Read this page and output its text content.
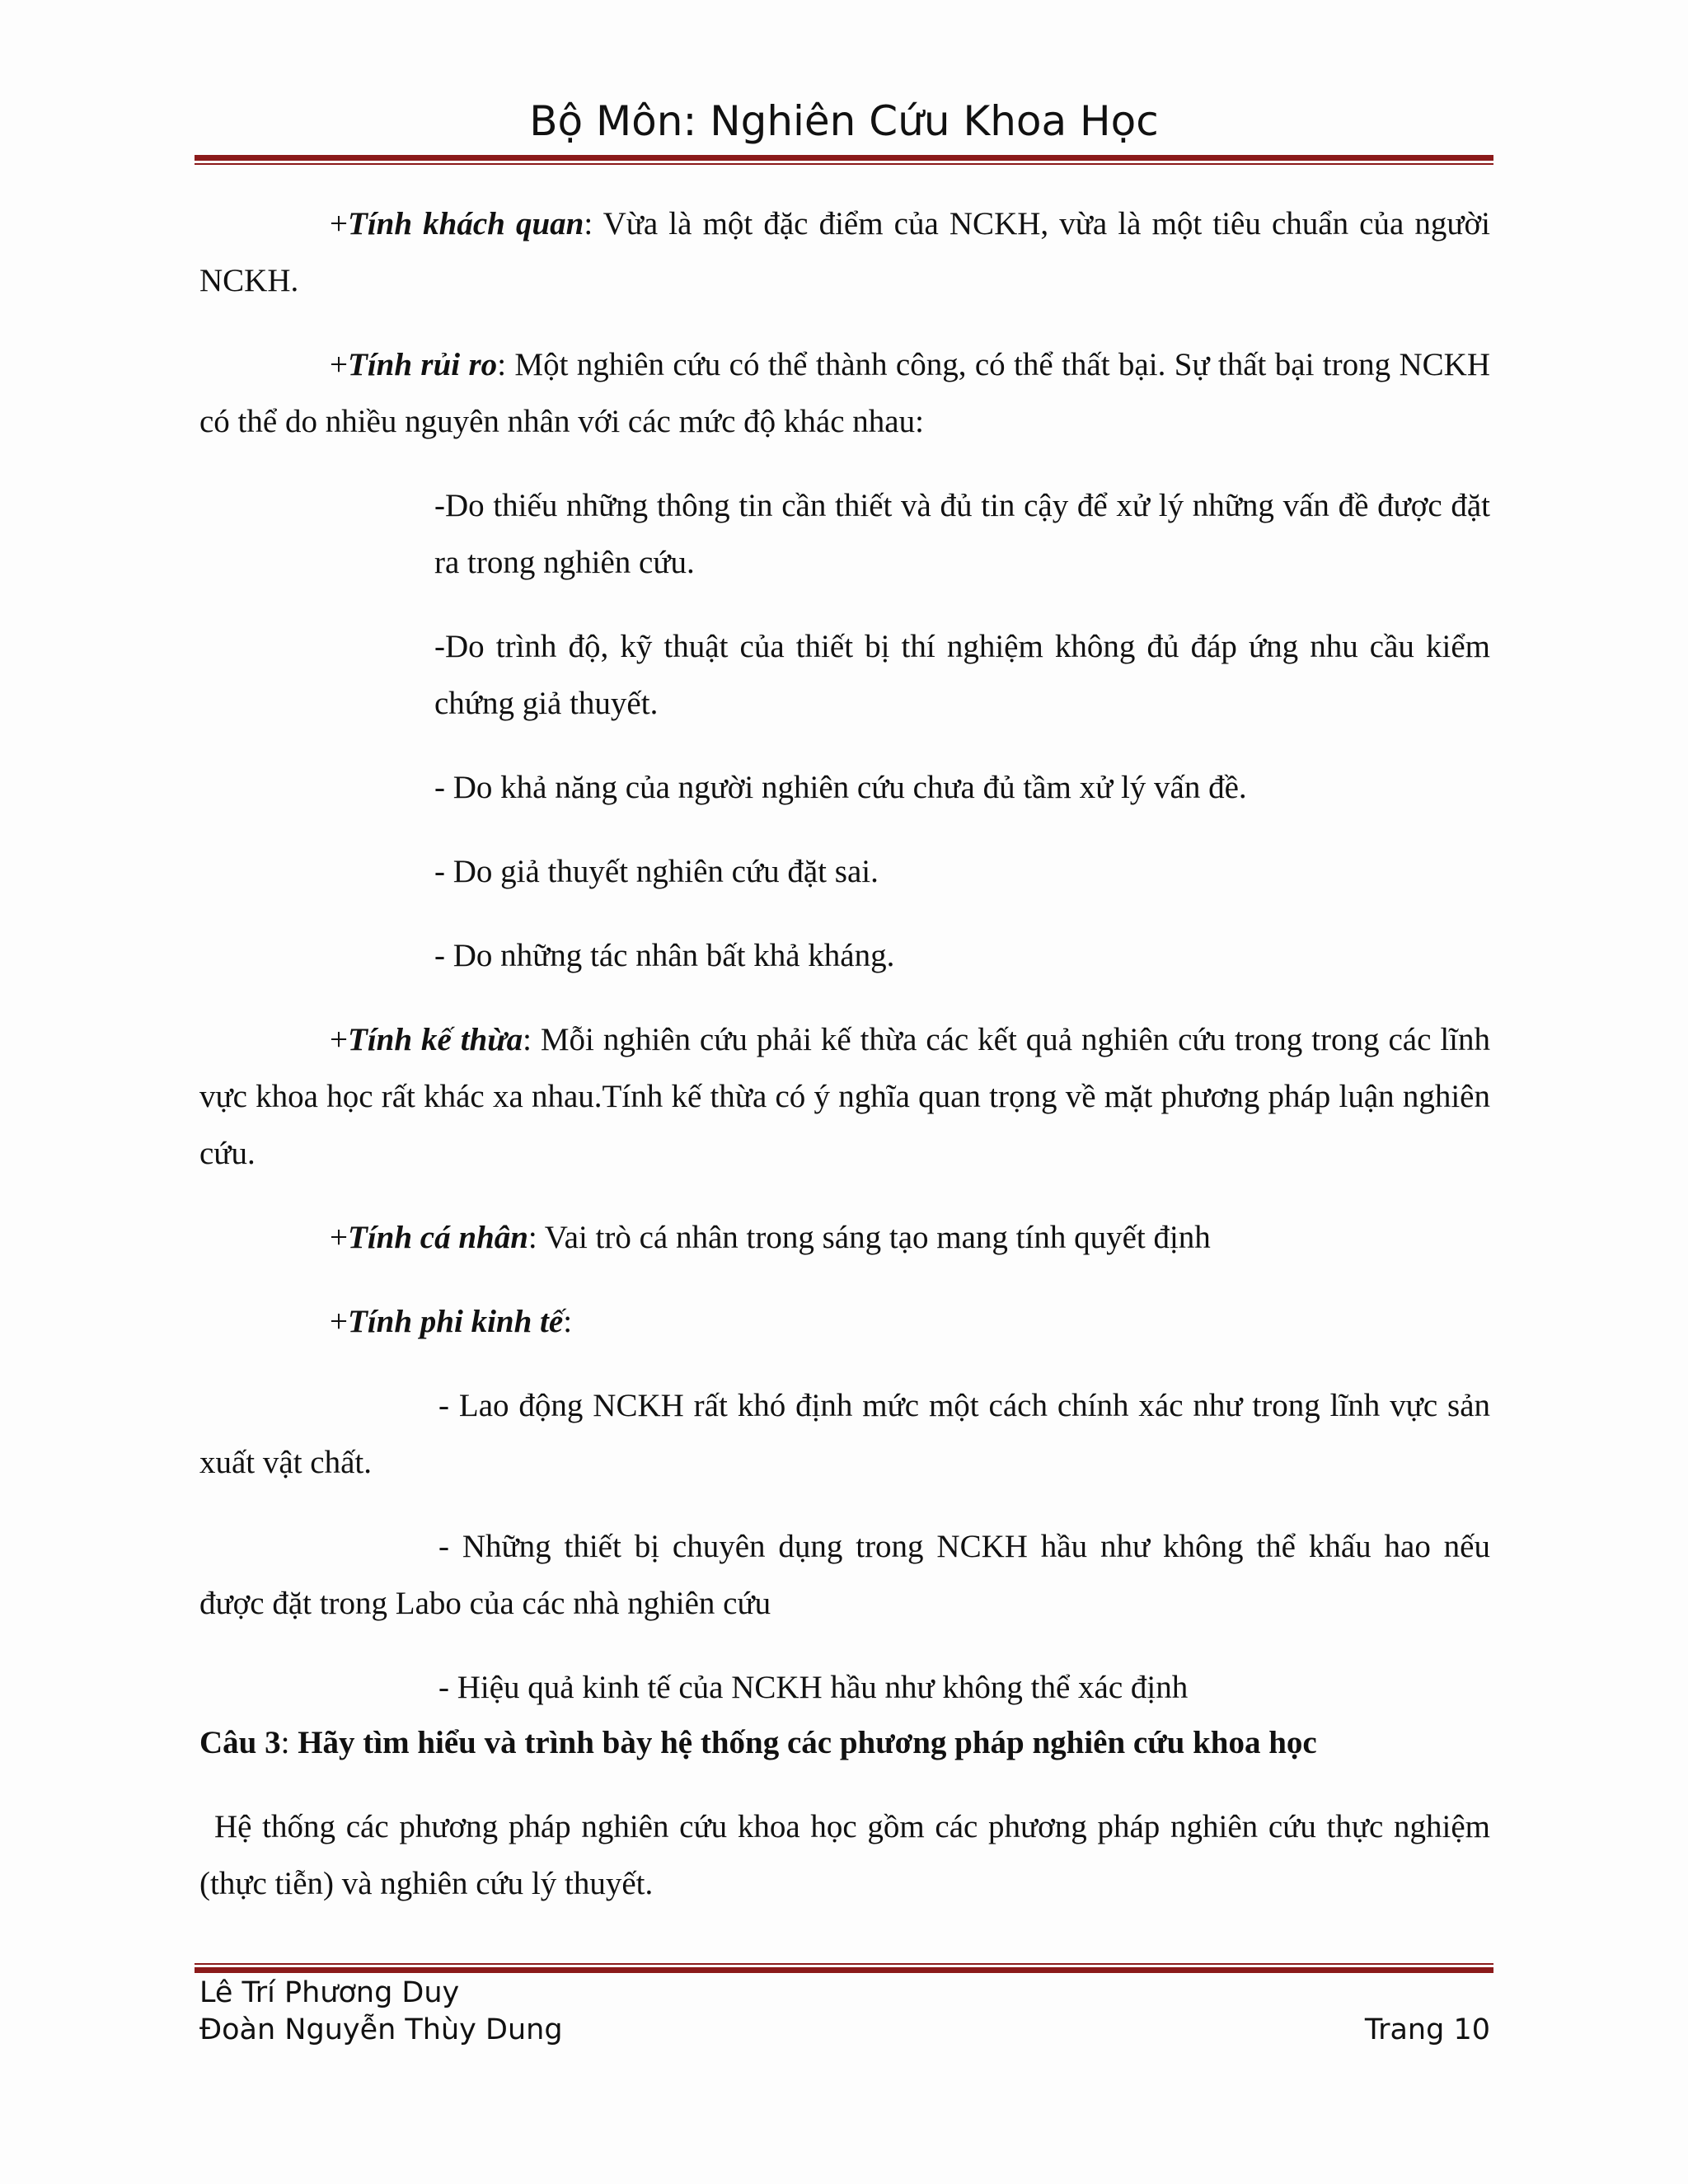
Bộ Môn: Nghiên Cứu Khoa Học

+Tính khách quan: Vừa là một đặc điểm của NCKH, vừa là một tiêu chuẩn của người NCKH.

+Tính rủi ro: Một nghiên cứu có thể thành công, có thể thất bại. Sự thất bại trong NCKH có thể do nhiều nguyên nhân với các mức độ khác nhau:

-Do thiếu những thông tin cần thiết và đủ tin cậy để xử lý những vấn đề được đặt ra trong nghiên cứu.

-Do trình độ, kỹ thuật của thiết bị thí nghiệm không đủ đáp ứng nhu cầu kiểm chứng giả thuyết.

- Do khả năng của người nghiên cứu chưa đủ tầm xử lý vấn đề.

- Do giả thuyết nghiên cứu đặt sai.

- Do những tác nhân bất khả kháng.

+Tính kế thừa: Mỗi nghiên cứu phải kế thừa các kết quả nghiên cứu trong trong các lĩnh vực khoa học rất khác xa nhau.Tính kế thừa có ý nghĩa quan trọng về mặt phương pháp luận nghiên cứu.

+Tính cá nhân: Vai trò cá nhân trong sáng tạo mang tính quyết định

+Tính phi kinh tế:

- Lao động NCKH rất khó định mức một cách chính xác như trong lĩnh vực sản xuất vật chất.

- Những thiết bị chuyên dụng trong NCKH hầu như không thể khấu hao nếu được đặt trong Labo của các nhà nghiên cứu

- Hiệu quả kinh tế của NCKH hầu như không thể xác định

Câu 3: Hãy tìm hiểu và trình bày hệ thống các phương pháp nghiên cứu khoa học

Hệ thống các phương pháp nghiên cứu khoa học gồm các phương pháp nghiên cứu thực nghiệm (thực tiễn) và nghiên cứu lý thuyết.

Lê Trí Phương Duy
Đoàn Nguyễn Thùy Dung	Trang 10
